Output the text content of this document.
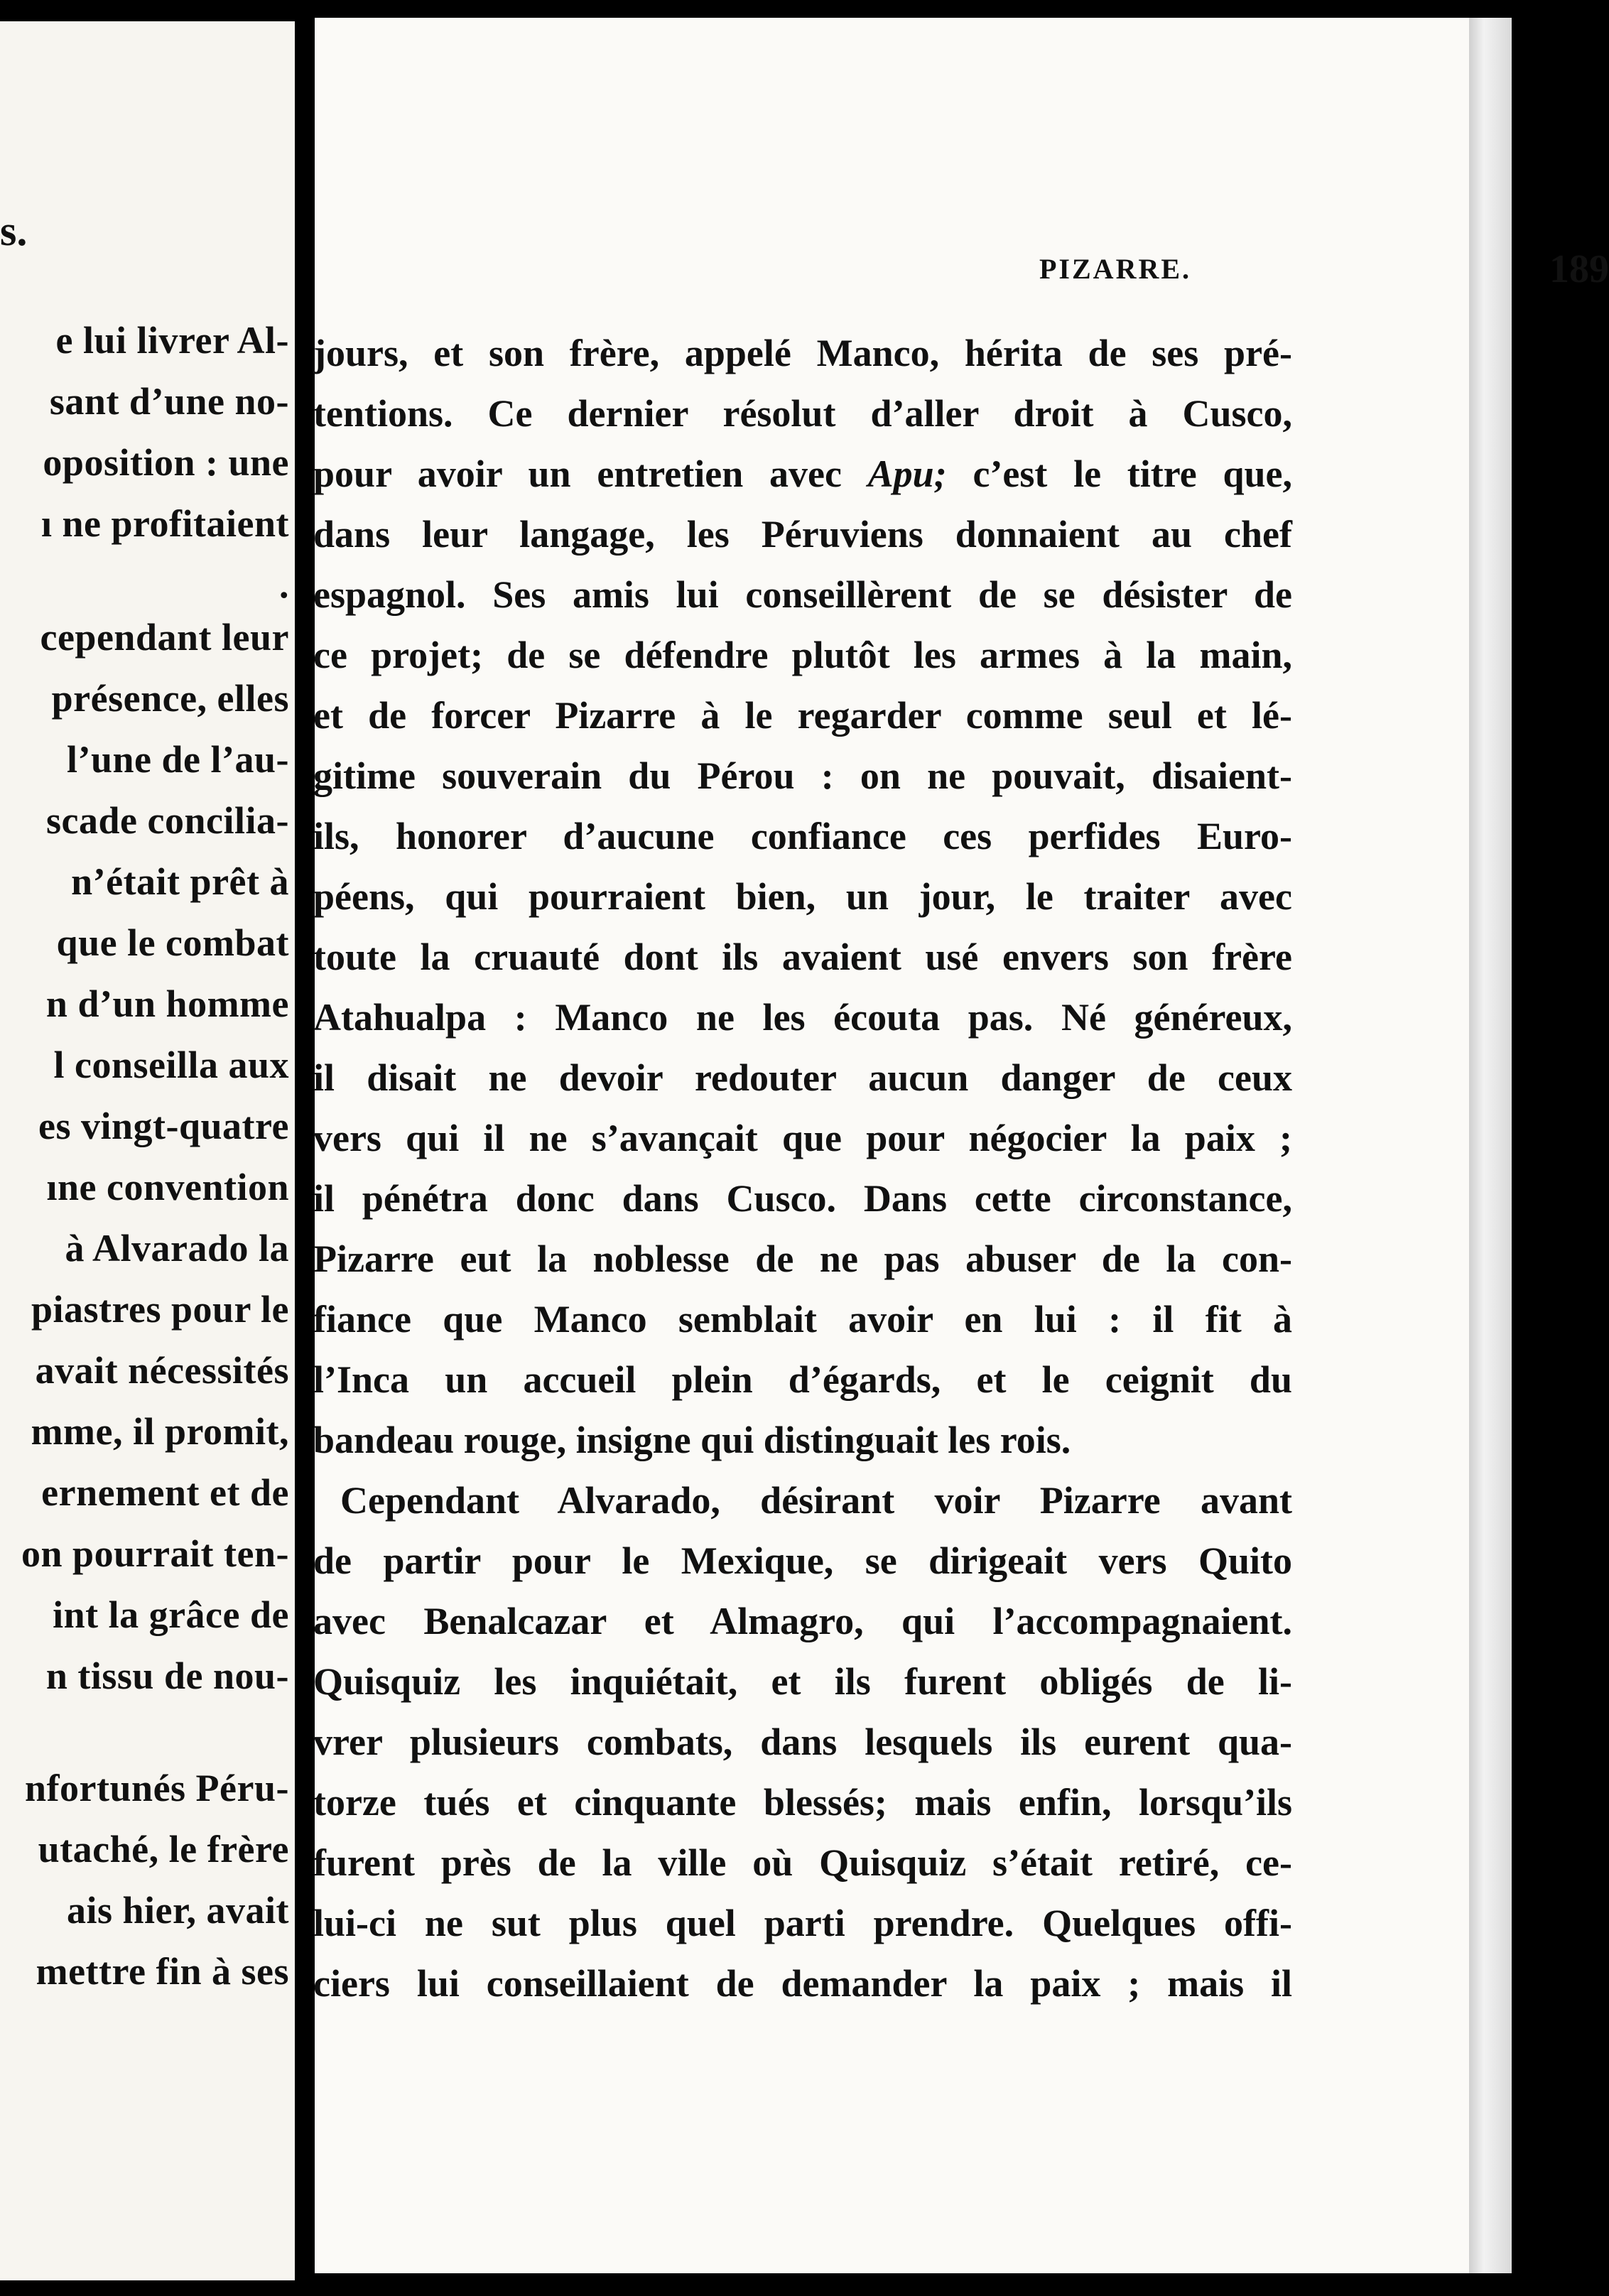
s.
e lui livrer Al-
sant d’une no-
oposition : une
ı ne profitaient
.
cependant leur
présence, elles
l’une de l’au-
scade concilia-
n’était prêt à
que le combat
n d’un homme
l conseilla aux
es vingt-quatre
ıne convention
à Alvarado la
piastres pour le
avait nécessités
mme, il promit,
ernement et de
on pourrait ten-
int la grâce de
n tissu de nou-
nfortunés Péru-
utaché, le frère
ais hier, avait
mettre fin à ses
PIZARRE.	189
jours, et son frère, appelé Manco, hérita de ses pré-
tentions. Ce dernier résolut d’aller droit à Cusco,
pour avoir un entretien avec Apu; c’est le titre que,
dans leur langage, les Péruviens donnaient au chef
espagnol. Ses amis lui conseillèrent de se désister de
ce projet; de se défendre plutôt les armes à la main,
et de forcer Pizarre à le regarder comme seul et lé-
gitime souverain du Pérou : on ne pouvait, disaient-
ils, honorer d’aucune confiance ces perfides Euro-
péens, qui pourraient bien, un jour, le traiter avec
toute la cruauté dont ils avaient usé envers son frère
Atahualpa : Manco ne les écouta pas. Né généreux,
il disait ne devoir redouter aucun danger de ceux
vers qui il ne s’avançait que pour négocier la paix ;
il pénétra donc dans Cusco. Dans cette circonstance,
Pizarre eut la noblesse de ne pas abuser de la con-
fiance que Manco semblait avoir en lui : il fit à
l’Inca un accueil plein d’égards, et le ceignit du
bandeau rouge, insigne qui distinguait les rois.
Cependant Alvarado, désirant voir Pizarre avant
de partir pour le Mexique, se dirigeait vers Quito
avec Benalcazar et Almagro, qui l’accompagnaient.
Quisquiz les inquiétait, et ils furent obligés de li-
vrer plusieurs combats, dans lesquels ils eurent qua-
torze tués et cinquante blessés; mais enfin, lorsqu’ils
furent près de la ville où Quisquiz s’était retiré, ce-
lui-ci ne sut plus quel parti prendre. Quelques offi-
ciers lui conseillaient de demander la paix ; mais il
